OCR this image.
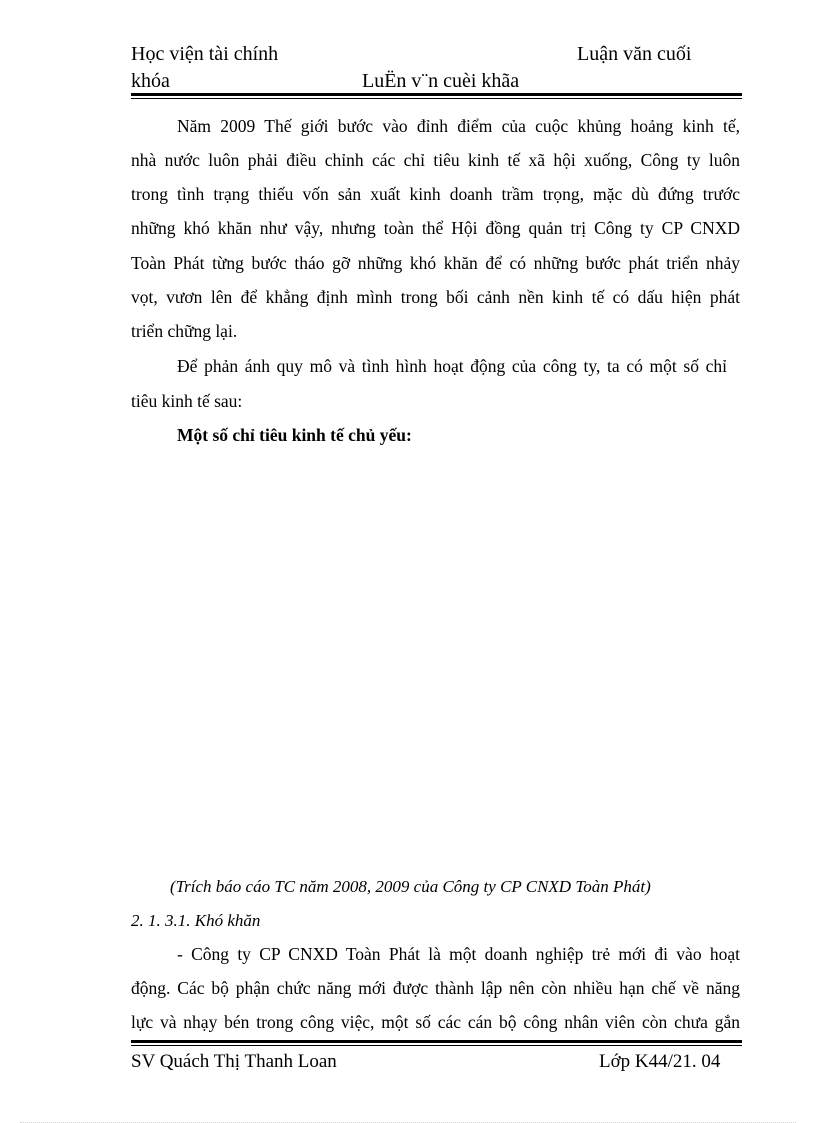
Học viện tài chính	Luận văn cuối
khóa	LuËn v¨n cuèi khãa
Năm 2009 Thế giới bước vào đỉnh điểm của cuộc khủng hoảng kinh tế,
nhà nước luôn phải điều chỉnh các chỉ tiêu kinh tế xã hội xuống, Công ty luôn
trong tình trạng thiếu vốn sản xuất kinh doanh trầm trọng, mặc dù đứng trước
những khó khăn như vậy, nhưng toàn thể Hội đồng quản trị Công ty CP CNXD
Toàn Phát từng bước tháo gỡ những khó khăn để có những bước phát triển nhảy
vọt, vươn lên để khẳng định mình trong bối cảnh nền kinh tế có dấu hiện phát
triển chững lại.
Để phản ánh quy mô và tình hình hoạt động của công ty, ta có một số chỉ
tiêu kinh tế sau:
Một số chỉ tiêu kinh tế chủ yếu:
(Trích báo cáo TC năm 2008, 2009 của Công ty CP CNXD Toàn Phát)
2. 1. 3.1. Khó khăn
- Công ty CP CNXD Toàn Phát là một doanh nghiệp trẻ mới đi vào hoạt
động. Các bộ phận chức năng mới được thành lập nên còn nhiều hạn chế về năng
lực và nhạy bén trong công việc, một số các cán bộ công nhân viên còn chưa gắn
SV Quách Thị Thanh Loan	Lớp K44/21. 04
